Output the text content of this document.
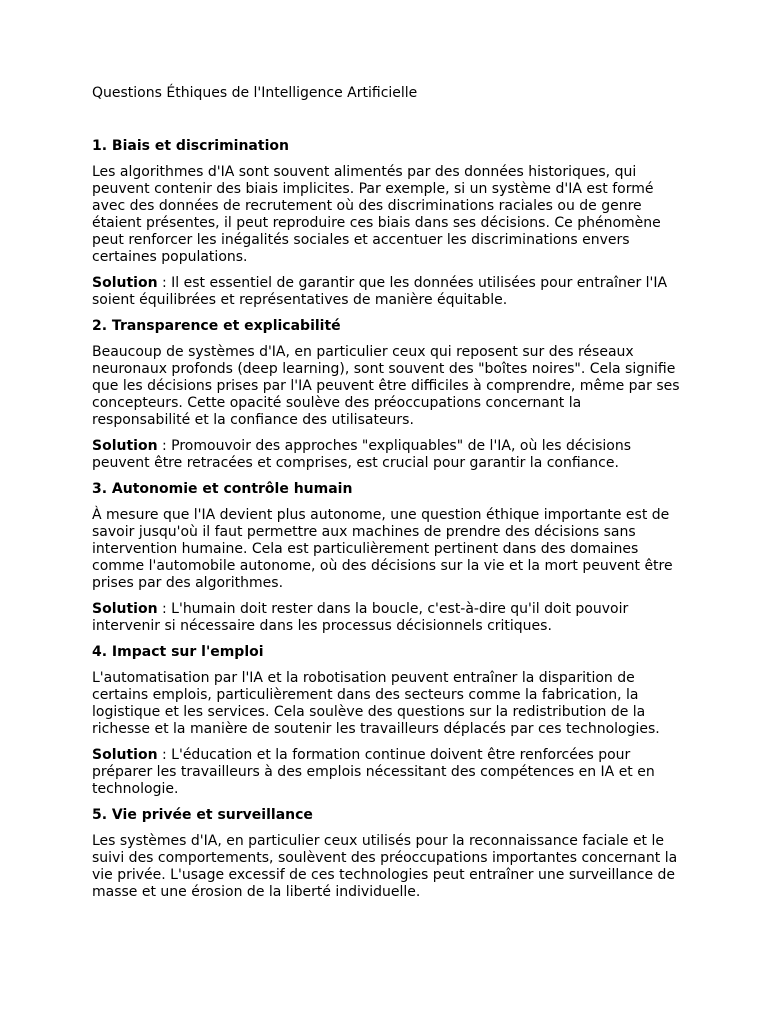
Questions Éthiques de l'Intelligence Artificielle
1. Biais et discrimination
Les algorithmes d'IA sont souvent alimentés par des données historiques, qui peuvent contenir des biais implicites. Par exemple, si un système d'IA est formé avec des données de recrutement où des discriminations raciales ou de genre étaient présentes, il peut reproduire ces biais dans ses décisions. Ce phénomène peut renforcer les inégalités sociales et accentuer les discriminations envers certaines populations.
Solution : Il est essentiel de garantir que les données utilisées pour entraîner l'IA soient équilibrées et représentatives de manière équitable.
2. Transparence et explicabilité
Beaucoup de systèmes d'IA, en particulier ceux qui reposent sur des réseaux neuronaux profonds (deep learning), sont souvent des "boîtes noires". Cela signifie que les décisions prises par l'IA peuvent être difficiles à comprendre, même par ses concepteurs. Cette opacité soulève des préoccupations concernant la responsabilité et la confiance des utilisateurs.
Solution : Promouvoir des approches "expliquables" de l'IA, où les décisions peuvent être retracées et comprises, est crucial pour garantir la confiance.
3. Autonomie et contrôle humain
À mesure que l'IA devient plus autonome, une question éthique importante est de savoir jusqu'où il faut permettre aux machines de prendre des décisions sans intervention humaine. Cela est particulièrement pertinent dans des domaines comme l'automobile autonome, où des décisions sur la vie et la mort peuvent être prises par des algorithmes.
Solution : L'humain doit rester dans la boucle, c'est-à-dire qu'il doit pouvoir intervenir si nécessaire dans les processus décisionnels critiques.
4. Impact sur l'emploi
L'automatisation par l'IA et la robotisation peuvent entraîner la disparition de certains emplois, particulièrement dans des secteurs comme la fabrication, la logistique et les services. Cela soulève des questions sur la redistribution de la richesse et la manière de soutenir les travailleurs déplacés par ces technologies.
Solution : L'éducation et la formation continue doivent être renforcées pour préparer les travailleurs à des emplois nécessitant des compétences en IA et en technologie.
5. Vie privée et surveillance
Les systèmes d'IA, en particulier ceux utilisés pour la reconnaissance faciale et le suivi des comportements, soulèvent des préoccupations importantes concernant la vie privée. L'usage excessif de ces technologies peut entraîner une surveillance de masse et une érosion de la liberté individuelle.
